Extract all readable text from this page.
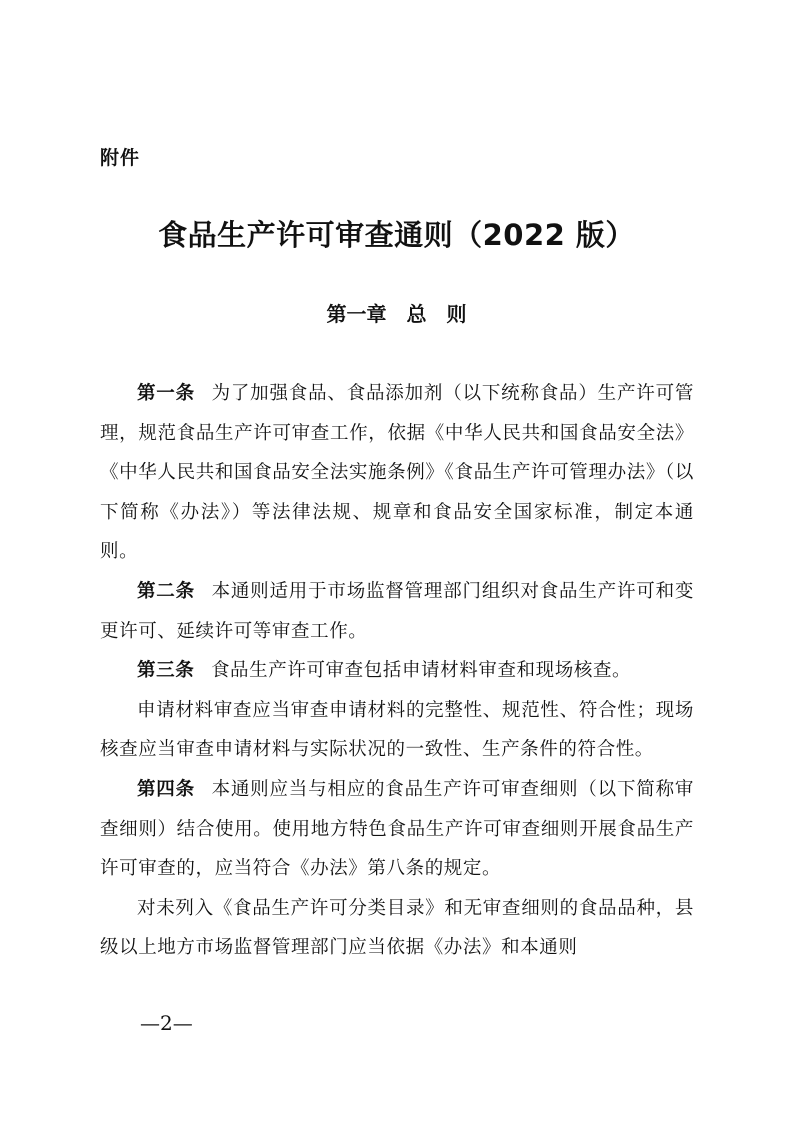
附件
食品生产许可审查通则（2022 版）
第一章　总　则

第一条 为了加强食品、食品添加剂（以下统称食品）生产许可管理，规范食品生产许可审查工作，依据《中华人民共和国食品安全法》《中华人民共和国食品安全法实施条例》《食品生产许可管理办法》（以下简称《办法》）等法律法规、规章和食品安全国家标准，制定本通则。

第二条 本通则适用于市场监督管理部门组织对食品生产许可和变更许可、延续许可等审查工作。

第三条 食品生产许可审查包括申请材料审查和现场核查。

申请材料审查应当审查申请材料的完整性、规范性、符合性；现场核查应当审查申请材料与实际状况的一致性、生产条件的符合性。

第四条 本通则应当与相应的食品生产许可审查细则（以下简称审查细则）结合使用。使用地方特色食品生产许可审查细则开展食品生产许可审查的，应当符合《办法》第八条的规定。

对未列入《食品生产许可分类目录》和无审查细则的食品品种，县级以上地方市场监督管理部门应当依据《办法》和本通则

—2—
